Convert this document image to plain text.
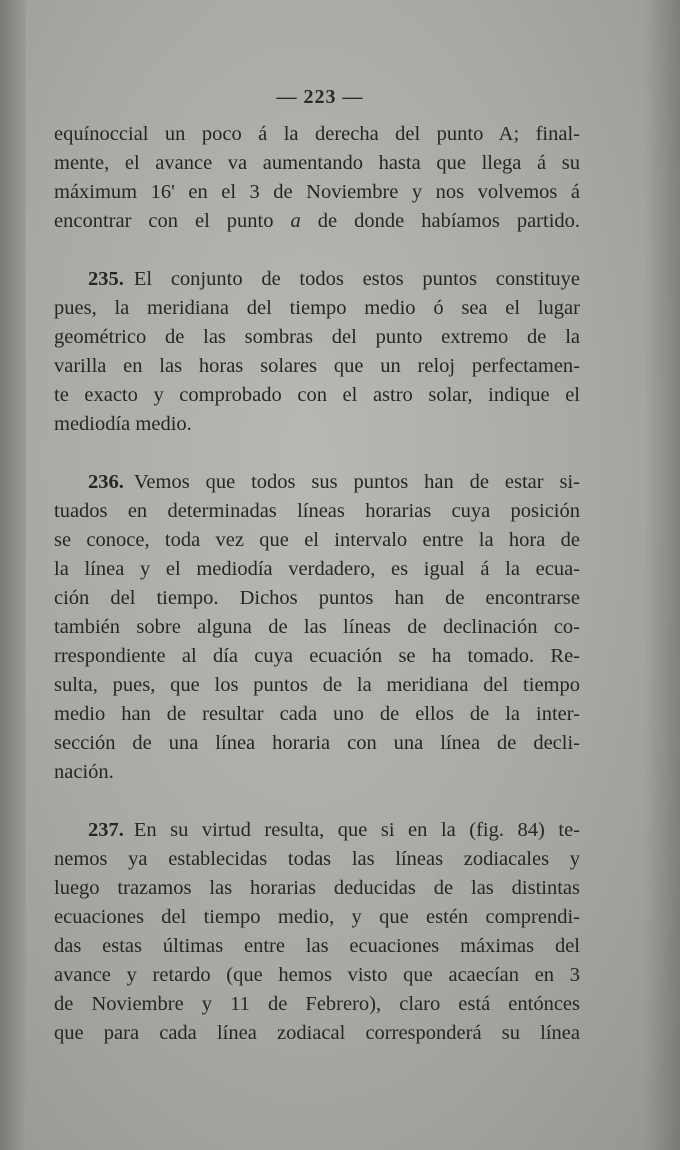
— 223 —
equínoccial un poco á la derecha del punto A; final-
mente, el avance va aumentando hasta que llega á su
máximum 16' en el 3 de Noviembre y nos volvemos á
encontrar con el punto a de donde habíamos partido.
235. El conjunto de todos estos puntos constituye
pues, la meridiana del tiempo medio ó sea el lugar
geométrico de las sombras del punto extremo de la
varilla en las horas solares que un reloj perfectamen-
te exacto y comprobado con el astro solar, indique el
mediodía medio.
236. Vemos que todos sus puntos han de estar si-
tuados en determinadas líneas horarias cuya posición
se conoce, toda vez que el intervalo entre la hora de
la línea y el mediodía verdadero, es igual á la ecua-
ción del tiempo. Dichos puntos han de encontrarse
también sobre alguna de las líneas de declinación co-
rrespondiente al día cuya ecuación se ha tomado. Re-
sulta, pues, que los puntos de la meridiana del tiempo
medio han de resultar cada uno de ellos de la inter-
sección de una línea horaria con una línea de decli-
nación.
237. En su virtud resulta, que si en la (fig. 84) te-
nemos ya establecidas todas las líneas zodiacales y
luego trazamos las horarias deducidas de las distintas
ecuaciones del tiempo medio, y que estén comprendi-
das estas últimas entre las ecuaciones máximas del
avance y retardo (que hemos visto que acaecían en 3
de Noviembre y 11 de Febrero), claro está entónces
que para cada línea zodiacal corresponderá su línea
